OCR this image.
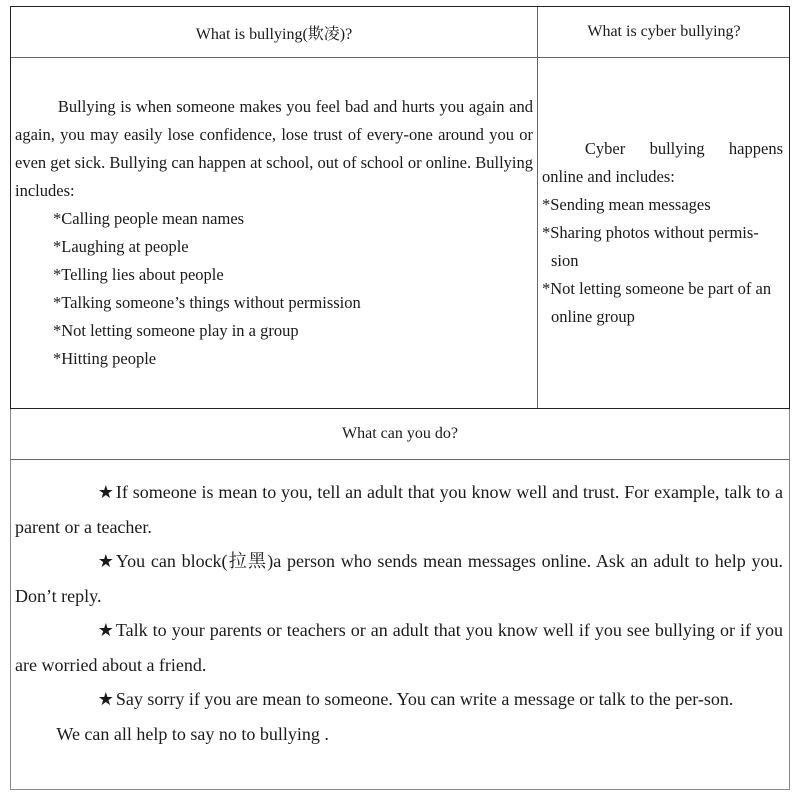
What is bullying(欺凌)?	What is cyber bullying?

Bullying is when someone makes you feel bad and hurts you again and again, you may easily lose confidence, lose trust of every-one around you or even get sick. Bullying can happen at school, out of school or online. Bullying includes:

*Calling people mean names
*Laughing at people
*Telling lies about people
*Talking someone’s things without permission
*Not letting someone play in a group
*Hitting people

Cyber bullying happens online and includes:

*Sending mean messages
*Sharing photos without permis-sion
*Not letting someone be part of an online group
What can you do?

★ If someone is mean to you, tell an adult that you know well and trust. For example, talk to a parent or a teacher.

★ You can block(拉黑)a person who sends mean messages online. Ask an adult to help you. Don’t reply.

★ Talk to your parents or teachers or an adult that you know well if you see bullying or if you are worried about a friend.

★ Say sorry if you are mean to someone. You can write a message or talk to the per-son.

We can all help to say no to bullying .
